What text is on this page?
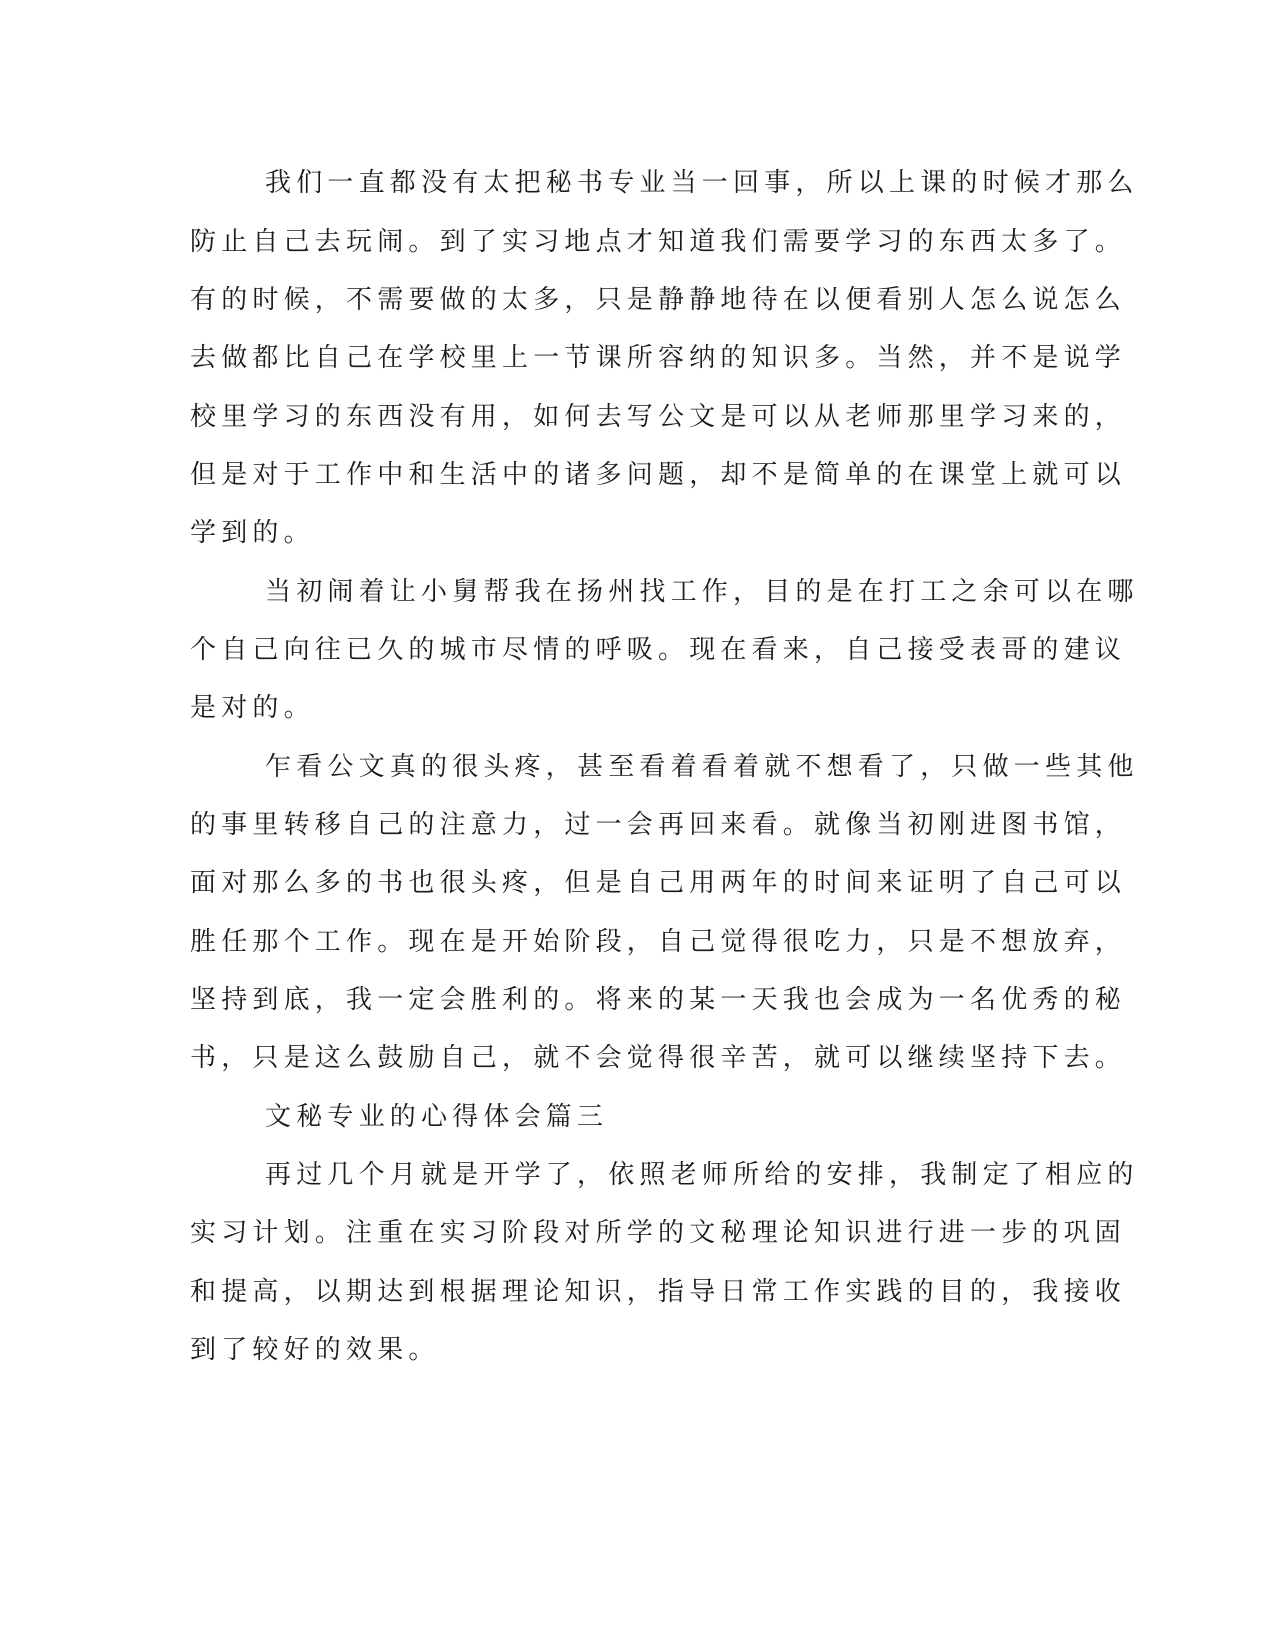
我们一直都没有太把秘书专业当一回事，所以上课的时候才那么
防止自己去玩闹。到了实习地点才知道我们需要学习的东西太多了。
有的时候，不需要做的太多，只是静静地待在以便看别人怎么说怎么
去做都比自己在学校里上一节课所容纳的知识多。当然，并不是说学
校里学习的东西没有用，如何去写公文是可以从老师那里学习来的，
但是对于工作中和生活中的诸多问题，却不是简单的在课堂上就可以
学到的。
当初闹着让小舅帮我在扬州找工作，目的是在打工之余可以在哪
个自己向往已久的城市尽情的呼吸。现在看来，自己接受表哥的建议
是对的。
乍看公文真的很头疼，甚至看着看着就不想看了，只做一些其他
的事里转移自己的注意力，过一会再回来看。就像当初刚进图书馆，
面对那么多的书也很头疼，但是自己用两年的时间来证明了自己可以
胜任那个工作。现在是开始阶段，自己觉得很吃力，只是不想放弃，
坚持到底，我一定会胜利的。将来的某一天我也会成为一名优秀的秘
书，只是这么鼓励自己，就不会觉得很辛苦，就可以继续坚持下去。
文秘专业的心得体会篇三
再过几个月就是开学了，依照老师所给的安排，我制定了相应的
实习计划。注重在实习阶段对所学的文秘理论知识进行进一步的巩固
和提高，以期达到根据理论知识，指导日常工作实践的目的，我接收
到了较好的效果。
